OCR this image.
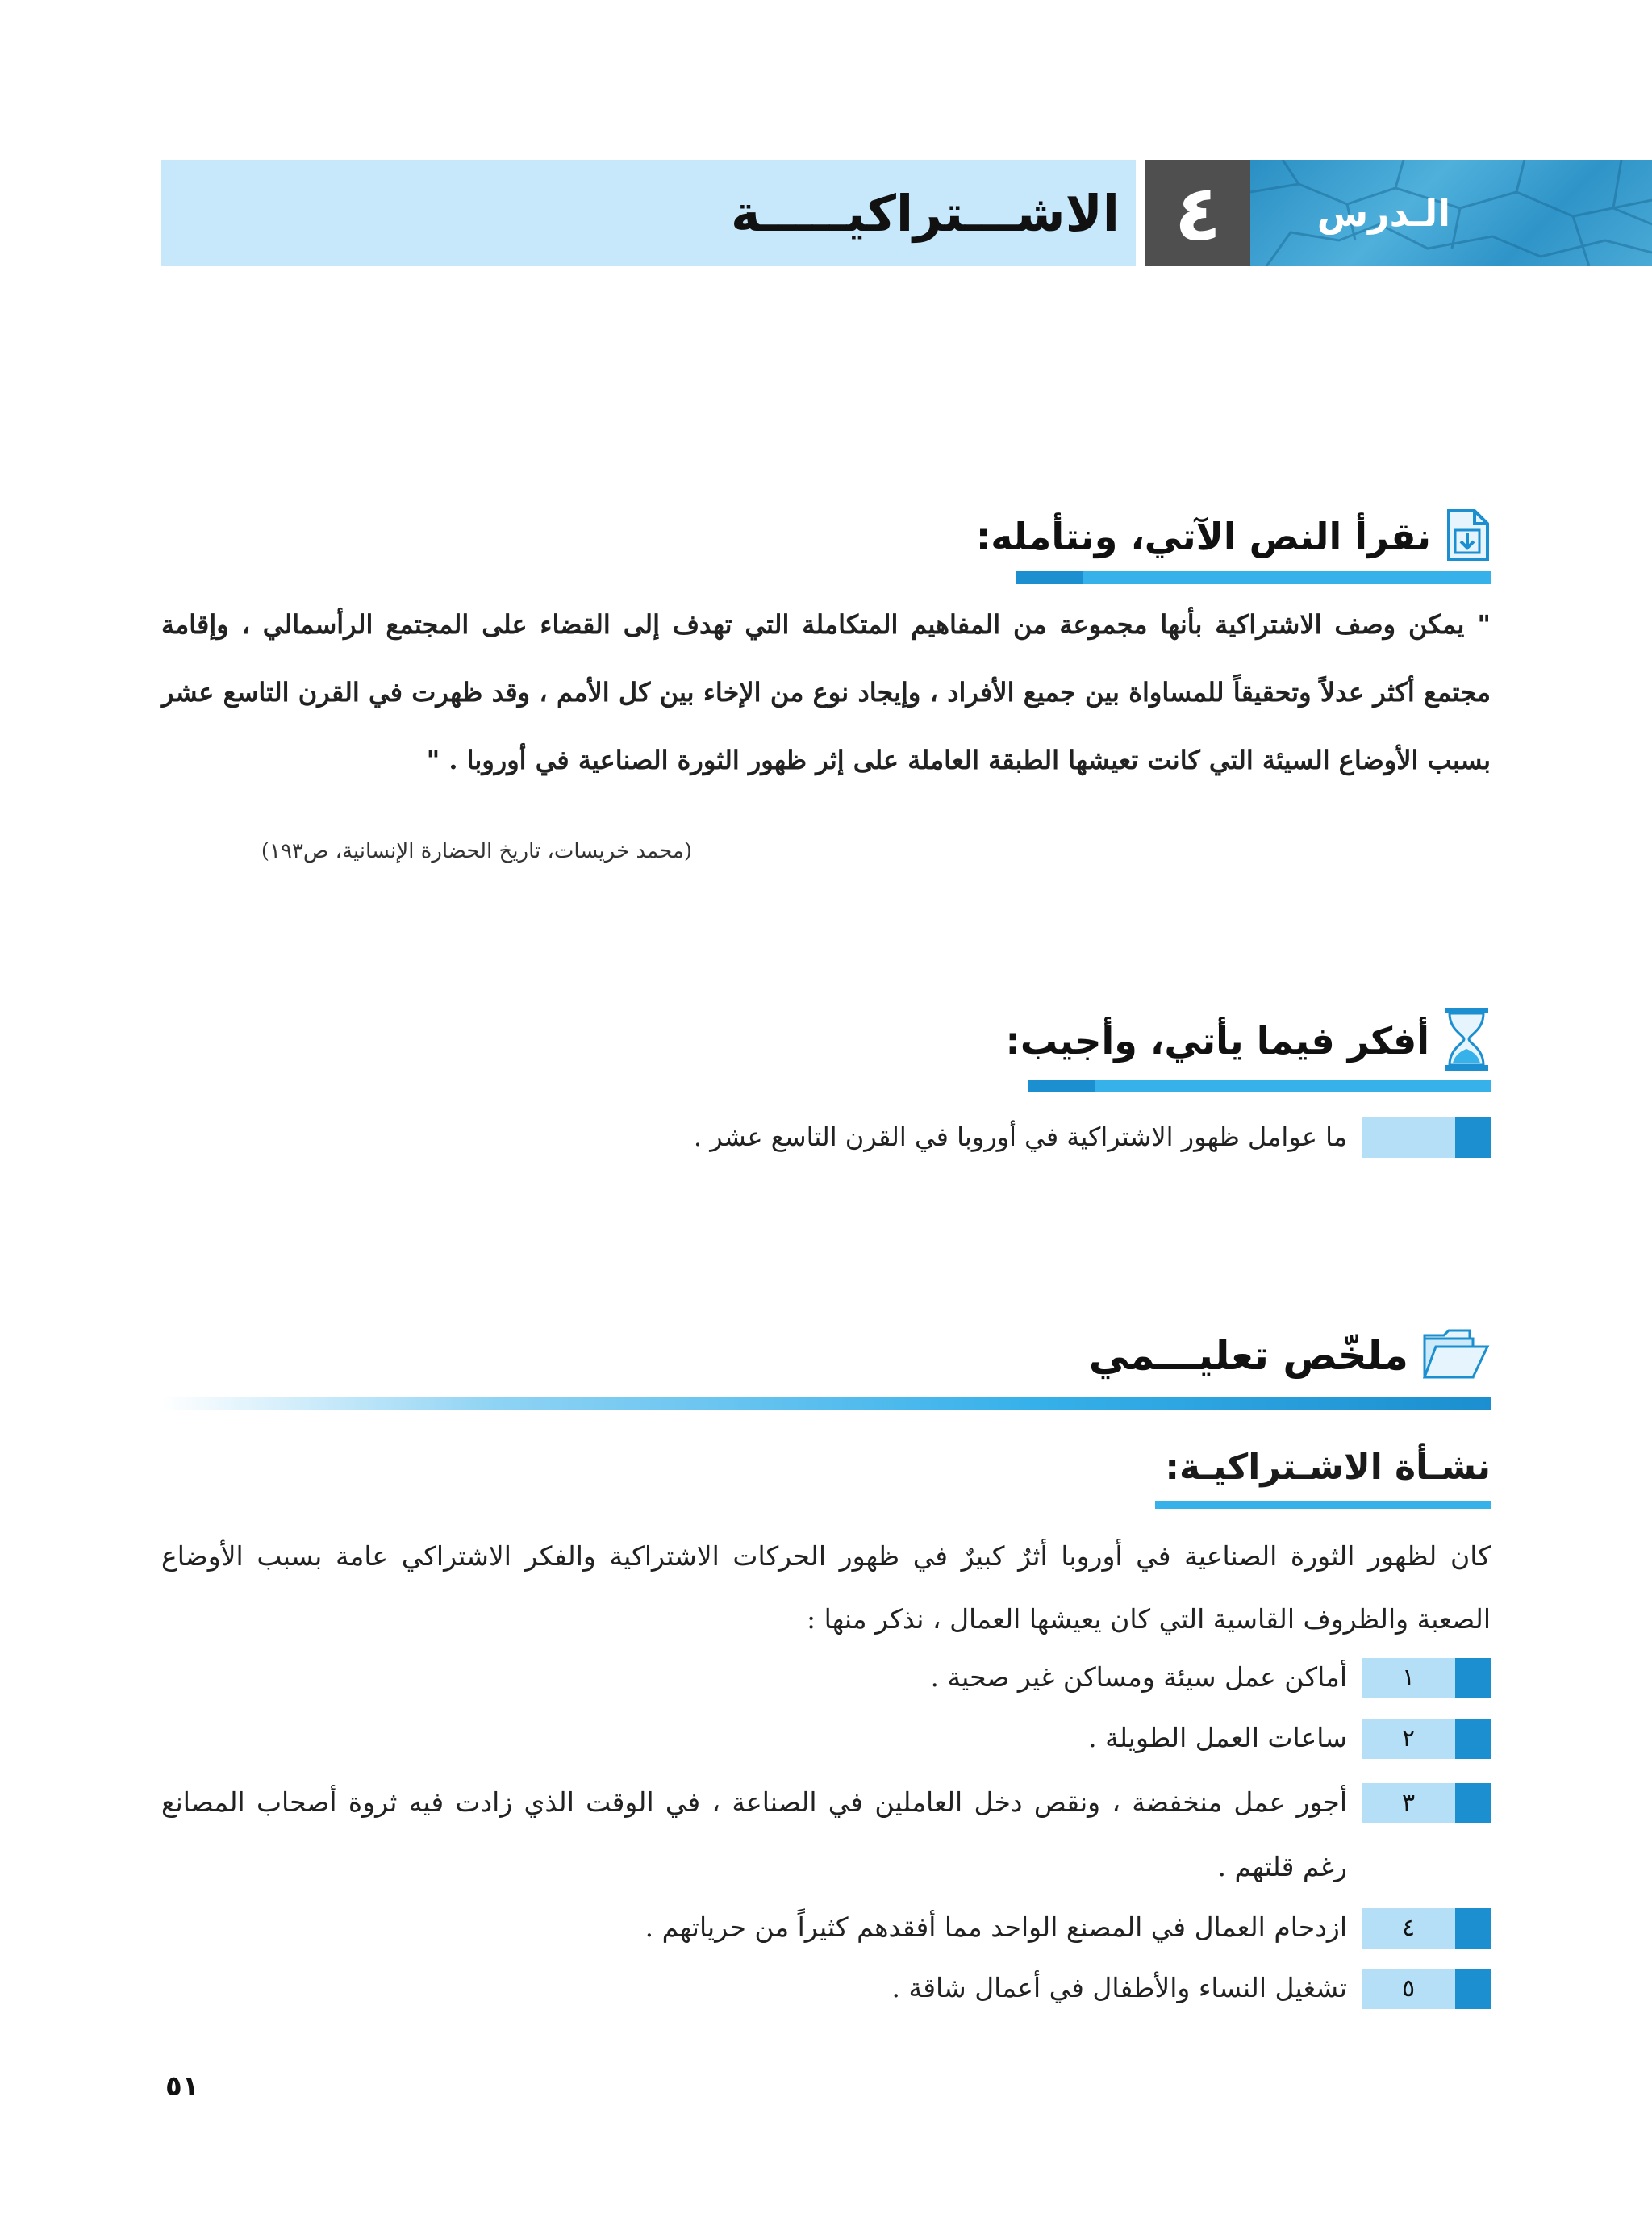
الاشـــتراكيـــــة ٤	الـدرس
نقرأ النص الآتي، ونتأمله:
" يمكن وصف الاشتراكية بأنها مجموعة من المفاهيم المتكاملة التي تهدف إلى القضاء على المجتمع الرأسمالي ، وإقامة مجتمع أكثر عدلاً وتحقيقاً للمساواة بين جميع الأفراد ، وإيجاد نوع من الإخاء بين كل الأمم ، وقد ظهرت في القرن التاسع عشر بسبب الأوضاع السيئة التي كانت تعيشها الطبقة العاملة على إثر ظهور الثورة الصناعية في أوروبا . "
(محمد خريسات، تاريخ الحضارة الإنسانية، ص١٩٣)
أفكر فيما يأتي، وأجيب:
ما عوامل ظهور الاشتراكية في أوروبا في القرن التاسع عشر .
ملخّص تعليـــمي
نشـأة الاشـتراكيـة:
كان لظهور الثورة الصناعية في أوروبا أثرٌ كبيرٌ في ظهور الحركات الاشتراكية والفكر الاشتراكي عامة بسبب الأوضاع الصعبة والظروف القاسية التي كان يعيشها العمال ، نذكر منها :
١
أماكن عمل سيئة ومساكن غير صحية .
٢
ساعات العمل الطويلة .
٣
أجور عمل منخفضة ، ونقص دخل العاملين في الصناعة ، في الوقت الذي زادت فيه ثروة أصحاب المصانع رغم قلتهم .
٤
ازدحام العمال في المصنع الواحد مما أفقدهم كثيراً من حرياتهم .
٥
تشغيل النساء والأطفال في أعمال شاقة .
٥١
